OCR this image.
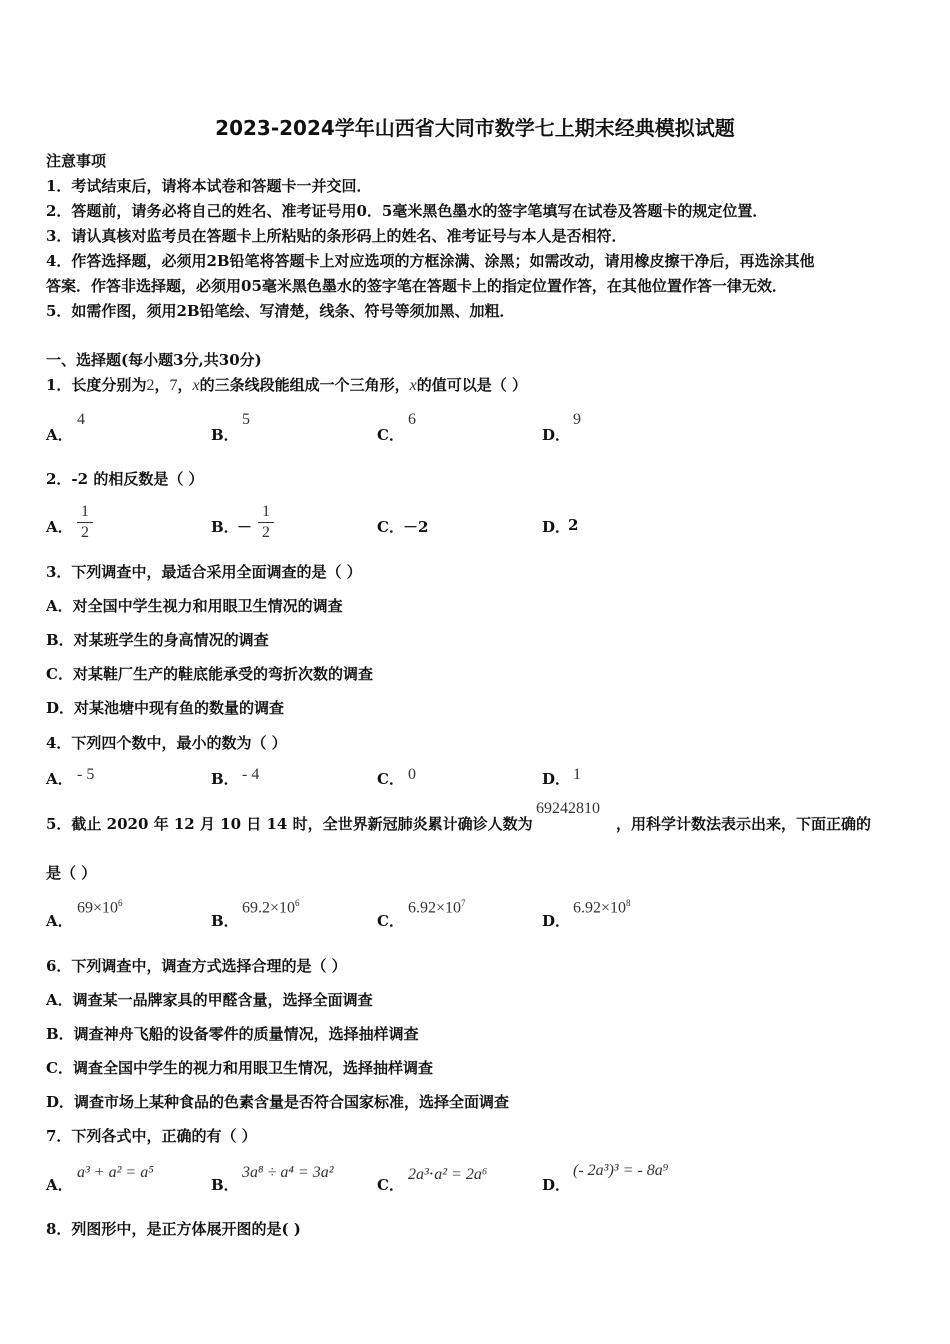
2023-2024学年山西省大同市数学七上期末经典模拟试题
注意事项
1．考试结束后，请将本试卷和答题卡一并交回．
2．答题前，请务必将自己的姓名、准考证号用0．5毫米黑色墨水的签字笔填写在试卷及答题卡的规定位置．
3．请认真核对监考员在答题卡上所粘贴的条形码上的姓名、准考证号与本人是否相符．
4．作答选择题，必须用2B铅笔将答题卡上对应选项的方框涂满、涂黑；如需改动，请用橡皮擦干净后，再选涂其他
答案．作答非选择题，必须用05毫米黑色墨水的签字笔在答题卡上的指定位置作答，在其他位置作答一律无效．
5．如需作图，须用2B铅笔绘、写清楚，线条、符号等须加黑、加粗．
一、选择题(每小题3分,共30分)
1．长度分别为2，7，x的三条线段能组成一个三角形，x的值可以是（ ）
A．
4
B．
5
C．
6
D．
9
2．-2 的相反数是（ ）
A．
1
2	B．
－
1
2	C． －2	D．
2
3．下列调查中，最适合采用全面调查的是（ ）
A．对全国中学生视力和用眼卫生情况的调查
B．对某班学生的身高情况的调查
C．对某鞋厂生产的鞋底能承受的弯折次数的调查
D．对某池塘中现有鱼的数量的调查
4．下列四个数中，最小的数为（ ）
A． - 5	B． - 4	C． 0	D． 1
5．截止 2020 年 12 月 10 日 14 时，全世界新冠肺炎累计确诊人数为
69242810
，用科学计数法表示出来，下面正确的
是（ ）
A．
$69\times 10^6$
B．
$69.2\times 10^6$
C．
$6.92\times 10^7$
D．
$6.92\times 10^8$
6．下列调查中，调查方式选择合理的是（ ）
A．调查某一品牌家具的甲醛含量，选择全面调查
B．调查神舟飞船的设备零件的质量情况，选择抽样调查
C．调查全国中学生的视力和用眼卫生情况，选择抽样调查
D．调查市场上某种食品的色素含量是否符合国家标准，选择全面调查
7．下列各式中，正确的有（ ）
A．
a³ + a² = a⁵
B．
3a⁸ ÷ a⁴ = 3a²
C．
2a³⋅a² = 2a⁶
D．
(- 2a³)³ = - 8a⁹
8．列图形中，是正方体展开图的是( )
